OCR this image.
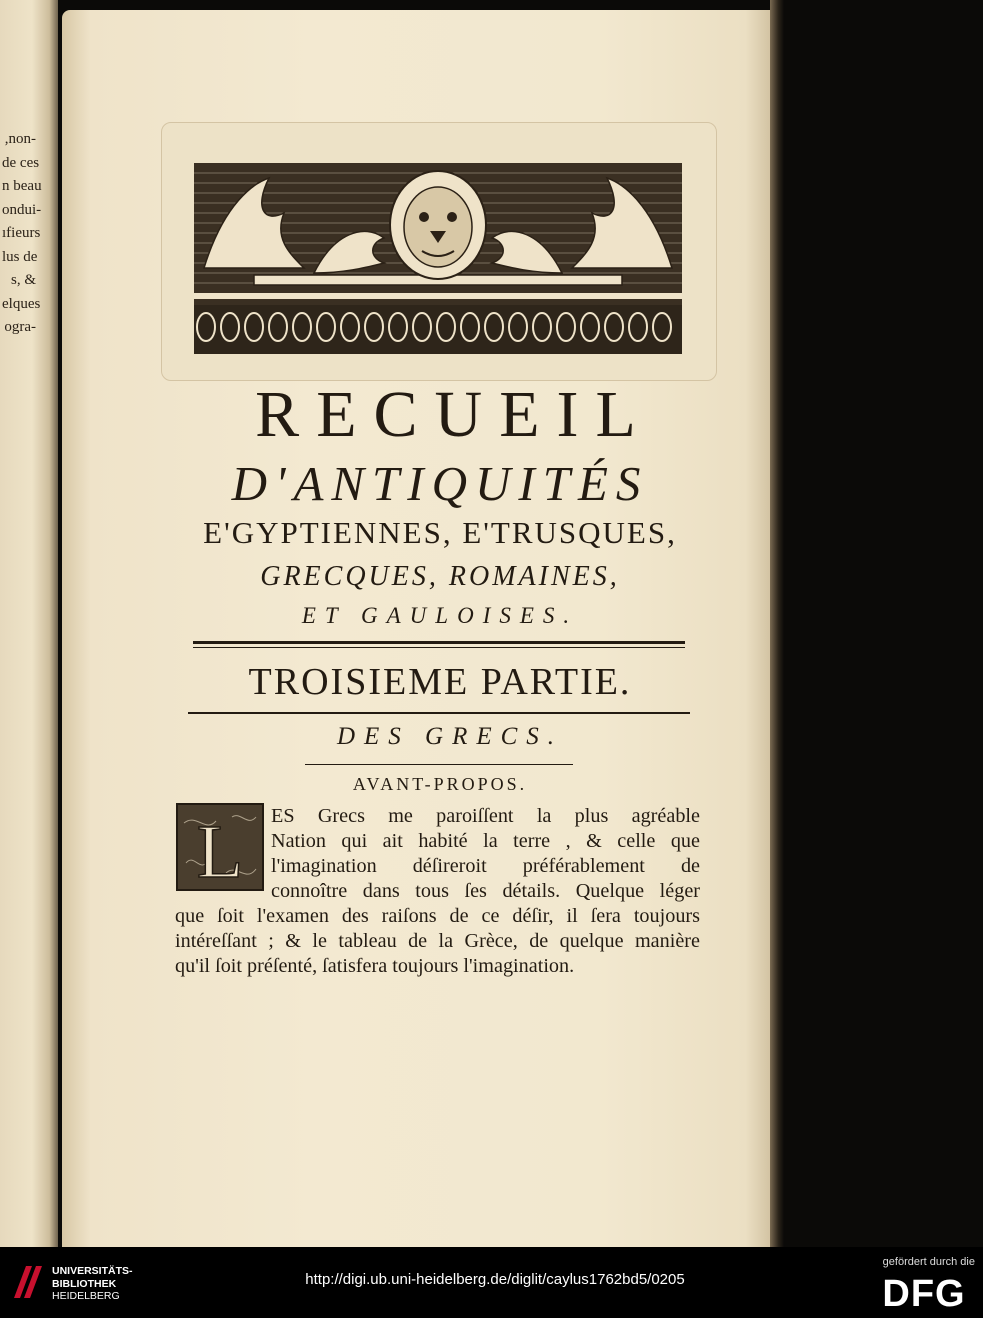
,non-
de ces
n beau
ondui-
ıfieurs
lus de
s, &
elques
ogra-
RECUEIL
D'ANTIQUITÉS
E'GYPTIENNES, E'TRUSQUES,
GRECQUES, ROMAINES,
ET GAULOISES.
TROISIEME PARTIE.
DES GRECS.
AVANT-PROPOS.
L ES Grecs me paroiſſent la plus agréable
Nation qui ait habité la terre , & celle que
l'imagination déſireroit préférablement de
connoître dans tous ſes détails. Quelque léger
que ſoit l'examen des raiſons de ce déſir, il ſera toujours
intéreſſant ; & le tableau de la Grèce, de quelque manière
qu'il ſoit préſenté, ſatisfera toujours l'imagination.
UNIVERSITÄTS-
BIBLIOTHEK
HEIDELBERG
http://digi.ub.uni-heidelberg.de/diglit/caylus1762bd5/0205
gefördert durch die
DFG
